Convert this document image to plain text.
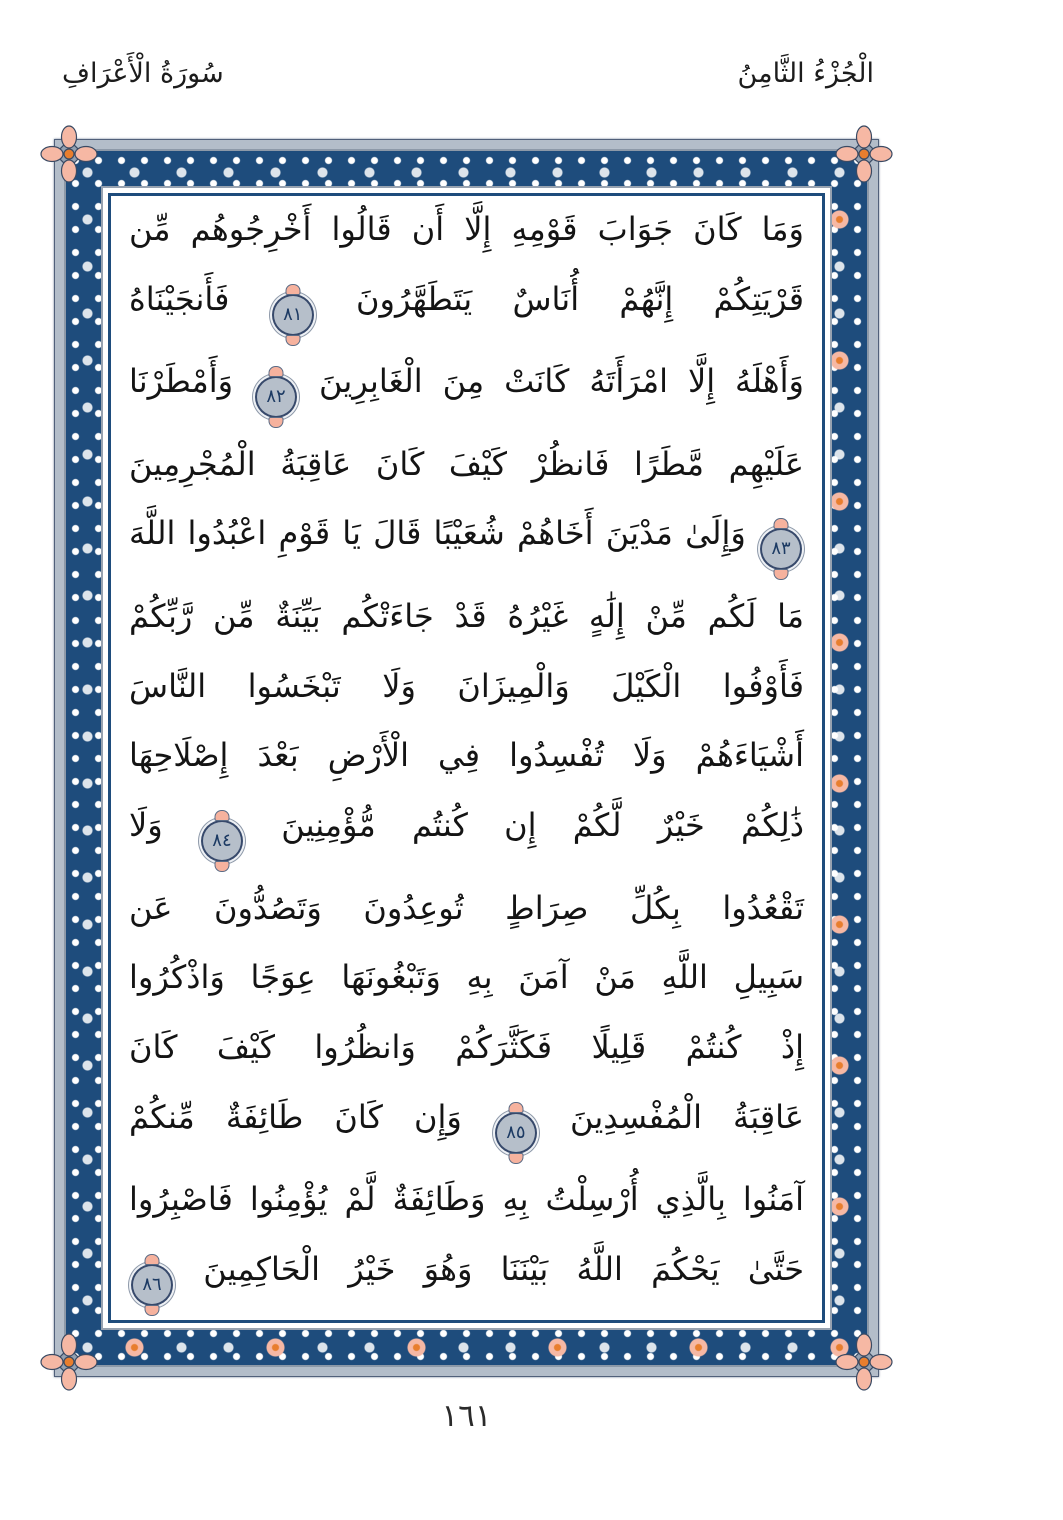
الْجُزْءُ الثَّامِنُ
سُورَةُ الْأَعْرَافِ
وَمَا كَانَ جَوَابَ قَوْمِهِ إِلَّا أَن قَالُوا أَخْرِجُوهُم مِّن
قَرْيَتِكُمْ إِنَّهُمْ أُنَاسٌ يَتَطَهَّرُونَ ٨١ فَأَنجَيْنَاهُ
وَأَهْلَهُ إِلَّا امْرَأَتَهُ كَانَتْ مِنَ الْغَابِرِينَ ٨٢ وَأَمْطَرْنَا
عَلَيْهِم مَّطَرًا فَانظُرْ كَيْفَ كَانَ عَاقِبَةُ الْمُجْرِمِينَ
٨٣ وَإِلَىٰ مَدْيَنَ أَخَاهُمْ شُعَيْبًا قَالَ يَا قَوْمِ اعْبُدُوا اللَّهَ
مَا لَكُم مِّنْ إِلَٰهٍ غَيْرُهُ قَدْ جَاءَتْكُم بَيِّنَةٌ مِّن رَّبِّكُمْ
فَأَوْفُوا الْكَيْلَ وَالْمِيزَانَ وَلَا تَبْخَسُوا النَّاسَ
أَشْيَاءَهُمْ وَلَا تُفْسِدُوا فِي الْأَرْضِ بَعْدَ إِصْلَاحِهَا
ذَٰلِكُمْ خَيْرٌ لَّكُمْ إِن كُنتُم مُّؤْمِنِينَ ٨٤ وَلَا
تَقْعُدُوا بِكُلِّ صِرَاطٍ تُوعِدُونَ وَتَصُدُّونَ عَن
سَبِيلِ اللَّهِ مَنْ آمَنَ بِهِ وَتَبْغُونَهَا عِوَجًا وَاذْكُرُوا
إِذْ كُنتُمْ قَلِيلًا فَكَثَّرَكُمْ وَانظُرُوا كَيْفَ كَانَ
عَاقِبَةُ الْمُفْسِدِينَ ٨٥ وَإِن كَانَ طَائِفَةٌ مِّنكُمْ
آمَنُوا بِالَّذِي أُرْسِلْتُ بِهِ وَطَائِفَةٌ لَّمْ يُؤْمِنُوا فَاصْبِرُوا
حَتَّىٰ يَحْكُمَ اللَّهُ بَيْنَنَا وَهُوَ خَيْرُ الْحَاكِمِينَ ٨٦
١٦١
